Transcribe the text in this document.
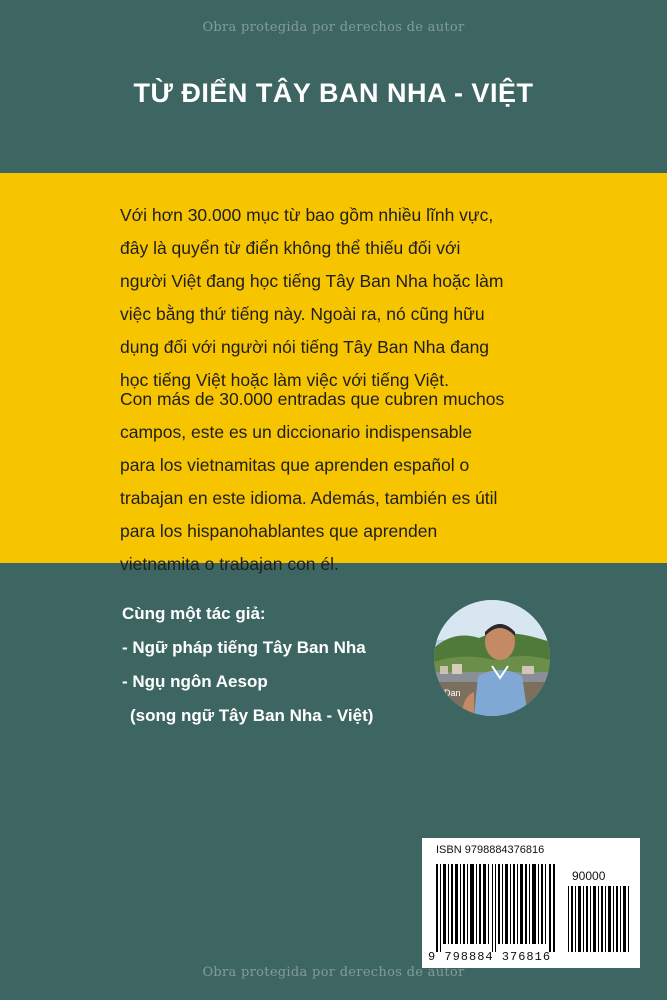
Obra protegida por derechos de autor
TỪ ĐIỂN TÂY BAN NHA - VIỆT
Với hơn 30.000 mục từ bao gồm nhiều lĩnh vực,
đây là quyển từ điển không thể thiếu đối với
người Việt đang học tiếng Tây Ban Nha hoặc làm
việc bằng thứ tiếng này. Ngoài ra, nó cũng hữu
dụng đối với người nói tiếng Tây Ban Nha đang
học tiếng Việt hoặc làm việc với tiếng Việt.
Con más de 30.000 entradas que cubren muchos
campos, este es un diccionario indispensable
para los vietnamitas que aprenden español o
trabajan en este idioma. Además, también es útil
para los hispanohablantes que aprenden
vietnamita o trabajan con él.
Cùng một tác giả:
- Ngữ pháp tiếng Tây Ban Nha
- Ngụ ngôn Aesop
(song ngữ Tây Ban Nha - Việt)
Dan
ISBN 9798884376816
90000
9 798884 376816
Obra protegida por derechos de autor
